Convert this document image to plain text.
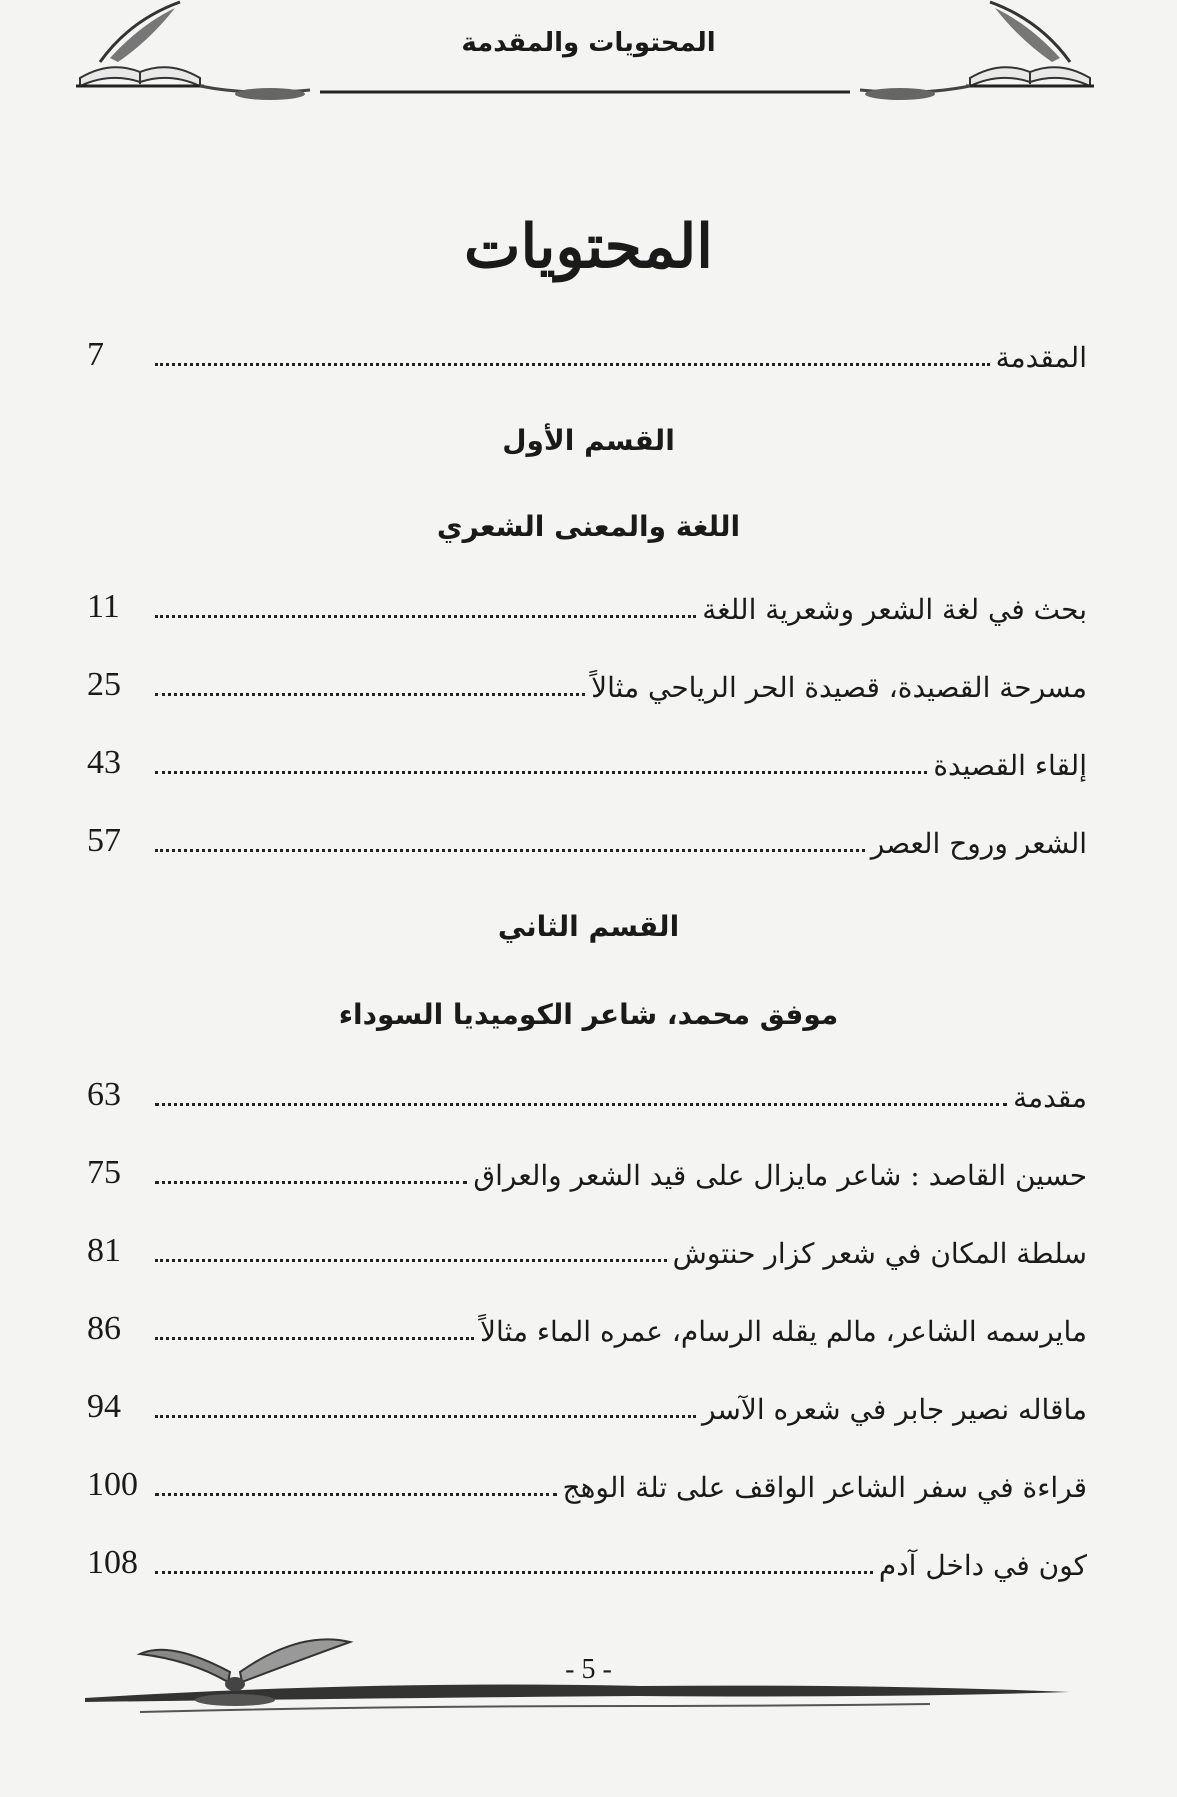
المحتويات والمقدمة
المحتويات
المقدمة
7
القسم الأول
اللغة والمعنى الشعري
بحث في لغة الشعر وشعرية اللغة
11
مسرحة القصيدة، قصيدة الحر الرياحي مثالاً
25
إلقاء القصيدة
43
الشعر وروح العصر
57
القسم الثاني
موفق محمد، شاعر الكوميديا السوداء
مقدمة
63
حسين القاصد : شاعر مايزال على قيد الشعر والعراق
75
سلطة المكان في شعر كزار حنتوش
81
مايرسمه الشاعر، مالم يقله الرسام، عمره الماء مثالاً
86
ماقاله نصير جابر في شعره الآسر
94
قراءة في سفر الشاعر الواقف على تلة الوهج
100
كون في داخل آدم
108
- 5 -
